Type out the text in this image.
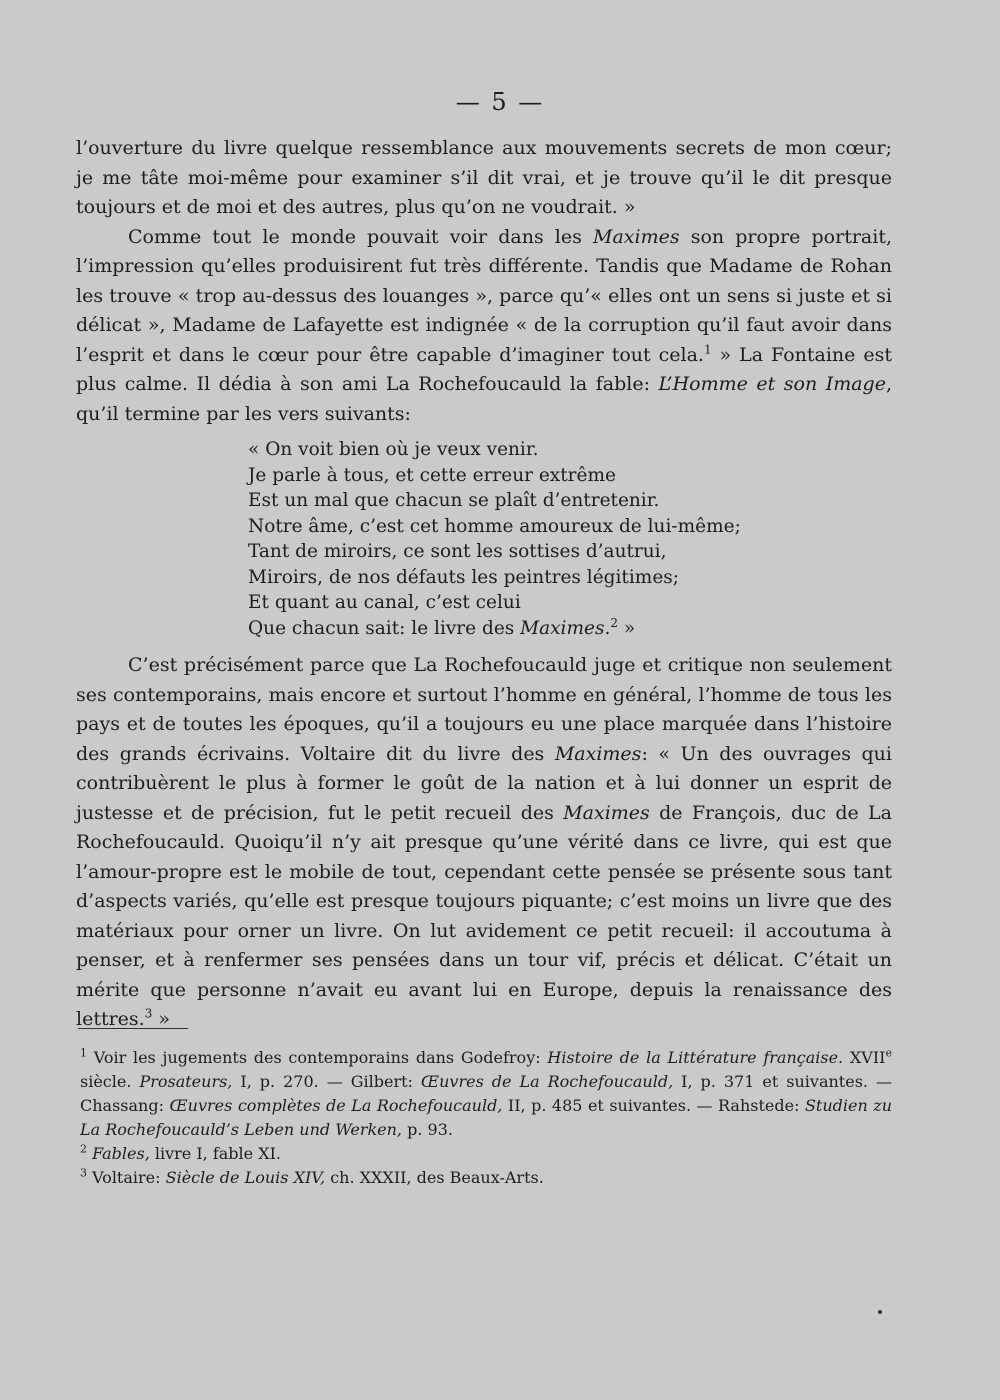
— 5 —

l’ouverture du livre quelque ressemblance aux mouvements secrets de mon cœur; je me tâte moi-même pour examiner s’il dit vrai, et je trouve qu’il le dit presque toujours et de moi et des autres, plus qu’on ne voudrait. »

Comme tout le monde pouvait voir dans les Maximes son propre portrait, l’impression qu’elles produisirent fut très différente. Tandis que Madame de Rohan les trouve « trop au-dessus des louanges », parce qu’« elles ont un sens si juste et si délicat », Madame de Lafayette est indignée « de la corruption qu’il faut avoir dans l’esprit et dans le cœur pour être capable d’imaginer tout cela.$^1$ » La Fontaine est plus calme. Il dédia à son ami La Rochefoucauld la fable: L’Homme et son Image, qu’il termine par les vers suivants:

« On voit bien où je veux venir.
Je parle à tous, et cette erreur extrême
Est un mal que chacun se plaît d’entretenir.
Notre âme, c’est cet homme amoureux de lui-même;
Tant de miroirs, ce sont les sottises d’autrui,
Miroirs, de nos défauts les peintres légitimes;
Et quant au canal, c’est celui
Que chacun sait: le livre des Maximes.$^2$ »

C’est précisément parce que La Rochefoucauld juge et critique non seulement ses contemporains, mais encore et surtout l’homme en général, l’homme de tous les pays et de toutes les époques, qu’il a toujours eu une place marquée dans l’histoire des grands écrivains. Voltaire dit du livre des Maximes: « Un des ouvrages qui contribuèrent le plus à former le goût de la nation et à lui donner un esprit de justesse et de précision, fut le petit recueil des Maximes de François, duc de La Rochefoucauld. Quoiqu’il n’y ait presque qu’une vérité dans ce livre, qui est que l’amour-propre est le mobile de tout, cependant cette pensée se présente sous tant d’aspects variés, qu’elle est presque toujours piquante; c’est moins un livre que des matériaux pour orner un livre. On lut avidement ce petit recueil: il accoutuma à penser, et à renfermer ses pensées dans un tour vif, précis et délicat. C’était un mérite que personne n’avait eu avant lui en Europe, depuis la renaissance des lettres.$^3$ »

$^1$ Voir les jugements des contemporains dans Godefroy: Histoire de la Littérature française. XVIIe siècle. Prosateurs, I, p. 270. — Gilbert: Œuvres de La Rochefoucauld, I, p. 371 et suivantes. — Chassang: Œuvres complètes de La Rochefoucauld, II, p. 485 et suivantes. — Rahstede: Studien zu La Rochefoucauld’s Leben und Werken, p. 93.

$^2$ Fables, livre I, fable XI.

$^3$ Voltaire: Siècle de Louis XIV, ch. XXXII, des Beaux-Arts.
